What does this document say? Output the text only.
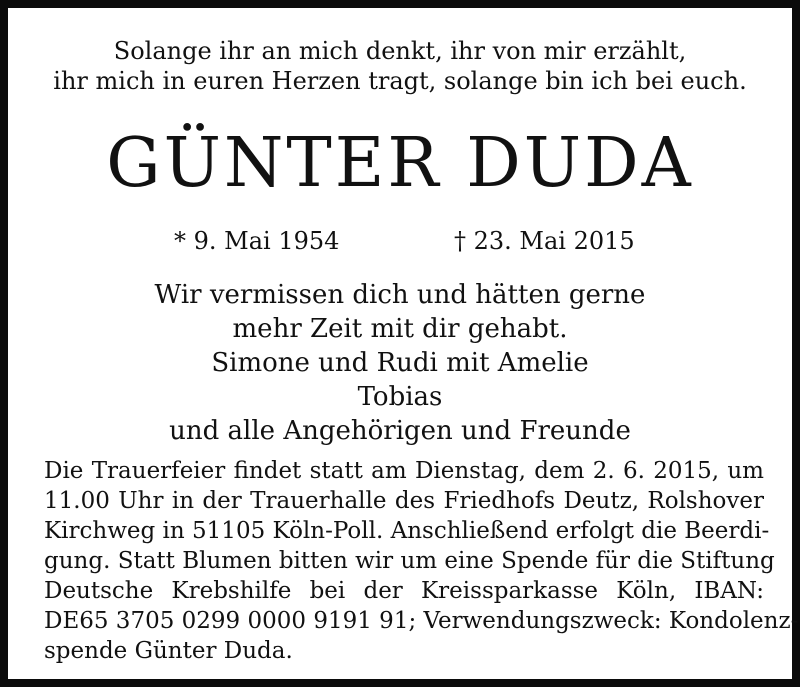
Solange ihr an mich denkt, ihr von mir erzählt,
ihr mich in euren Herzen tragt, solange bin ich bei euch.
GÜNTER DUDA
* 9. Mai 1954	† 23. Mai 2015
Wir vermissen dich und hätten gerne
mehr Zeit mit dir gehabt.
Simone und Rudi mit Amelie
Tobias
und alle Angehörigen und Freunde
Die Trauerfeier findet statt am Dienstag, dem 2. 6. 2015, um
11.00 Uhr in der Trauerhalle des Friedhofs Deutz, Rolshover
Kirchweg in 51105 Köln-Poll. Anschließend erfolgt die Beerdi-
gung. Statt Blumen bitten wir um eine Spende für die Stiftung
Deutsche Krebshilfe bei der Kreissparkasse Köln, IBAN:
DE65 3705 0299 0000 9191 91; Verwendungszweck: Kondolenz-
spende Günter Duda.
